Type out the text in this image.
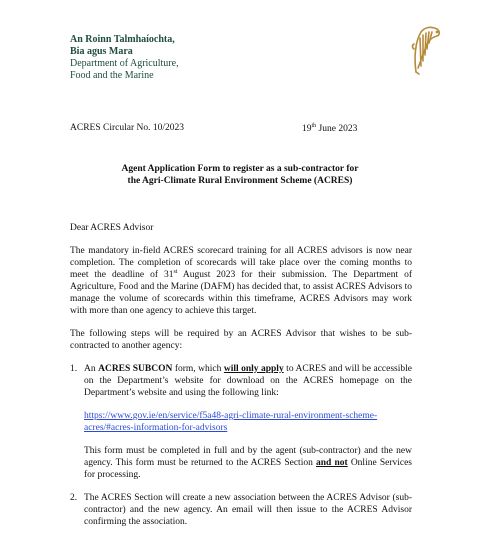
An Roinn Talmhaíochta,
Bia agus Mara
Department of Agriculture,
Food and the Marine
ACRES Circular No. 10/2023	19th June 2023
Agent Application Form to register as a sub-contractor for
the Agri-Climate Rural Environment Scheme (ACRES)

Dear ACRES Advisor

The mandatory in-field ACRES scorecard training for all ACRES advisors is now near completion. The completion of scorecards will take place over the coming months to meet the deadline of 31st August 2023 for their submission. The Department of Agriculture, Food and the Marine (DAFM) has decided that, to assist ACRES Advisors to manage the volume of scorecards within this timeframe, ACRES Advisors may work with more than one agency to achieve this target.

The following steps will be required by an ACRES Advisor that wishes to be sub-contracted to another agency:

1. An ACRES SUBCON form, which will only apply to ACRES and will be accessible on the Department’s website for download on the ACRES homepage on the Department’s website and using the following link:

https://www.gov.ie/en/service/f5a48-agri-climate-rural-environment-scheme-acres/#acres-information-for-advisors

This form must be completed in full and by the agent (sub-contractor) and the new agency. This form must be returned to the ACRES Section and not Online Services for processing.

2. The ACRES Section will create a new association between the ACRES Advisor (sub-contractor) and the new agency. An email will then issue to the ACRES Advisor confirming the association.
